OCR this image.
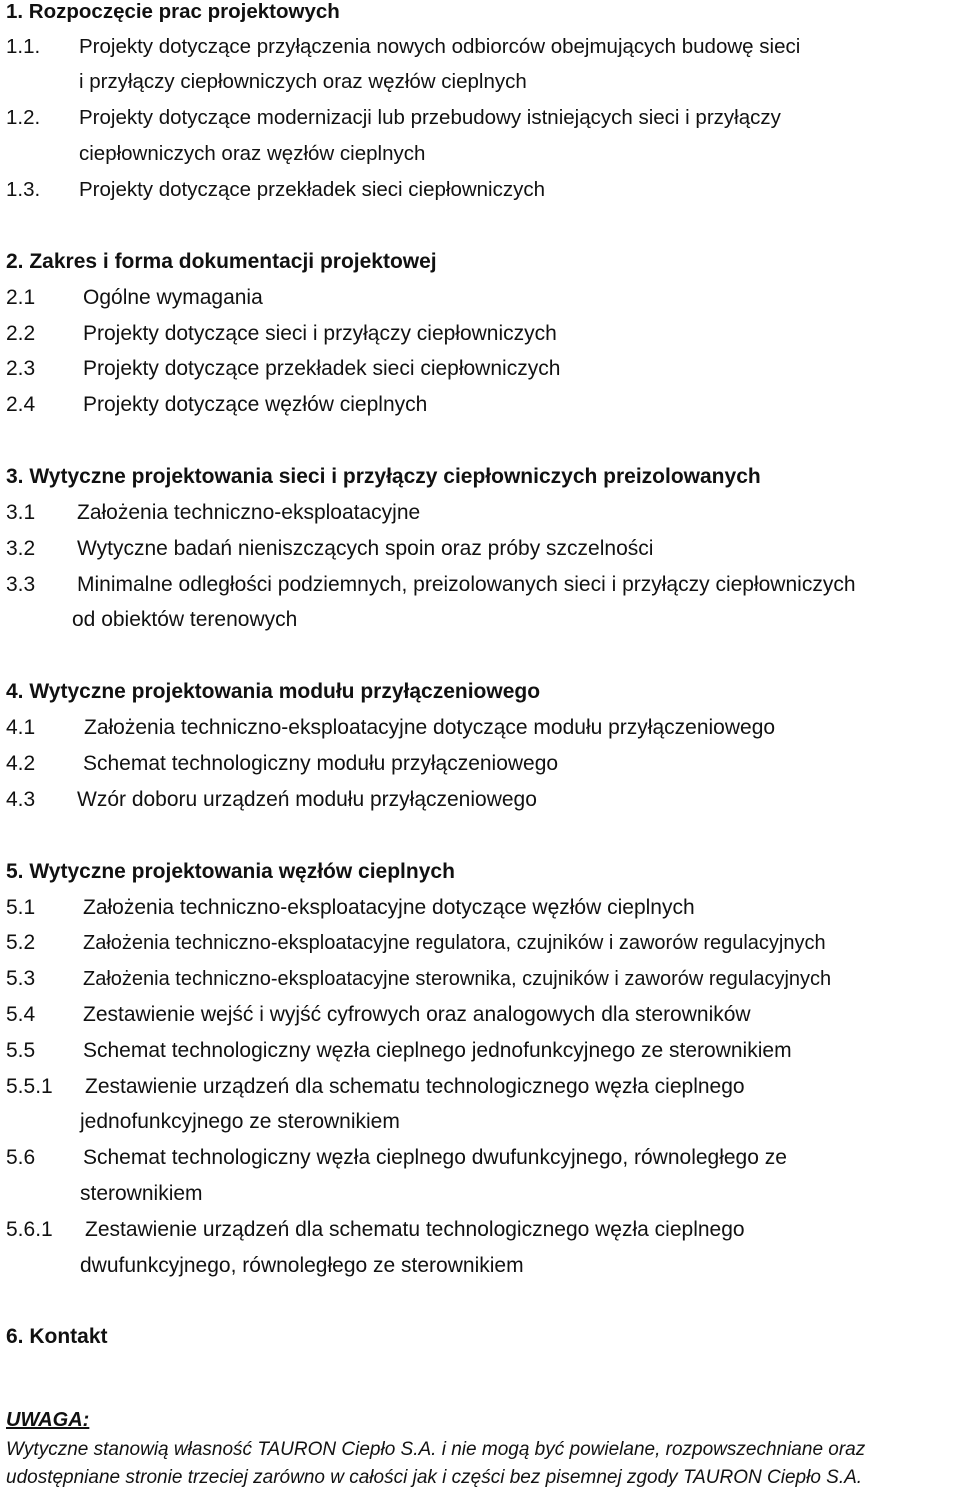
1. Rozpoczęcie prac projektowych
1.1. Projekty dotyczące przyłączenia nowych odbiorców obejmujących budowę sieci
i przyłączy ciepłowniczych oraz węzłów cieplnych
1.2. Projekty dotyczące modernizacji lub przebudowy istniejących sieci i przyłączy
ciepłowniczych oraz węzłów cieplnych
1.3. Projekty dotyczące przekładek sieci ciepłowniczych
2. Zakres i forma dokumentacji projektowej
2.1 Ogólne wymagania
2.2 Projekty dotyczące sieci i przyłączy ciepłowniczych
2.3 Projekty dotyczące przekładek sieci ciepłowniczych
2.4 Projekty dotyczące węzłów cieplnych
3. Wytyczne projektowania sieci i przyłączy ciepłowniczych preizolowanych
3.1 Założenia techniczno-eksploatacyjne
3.2 Wytyczne badań nieniszczących spoin oraz próby szczelności
3.3 Minimalne odległości podziemnych, preizolowanych sieci i przyłączy ciepłowniczych
od obiektów terenowych
4. Wytyczne projektowania modułu przyłączeniowego
4.1 Założenia techniczno-eksploatacyjne dotyczące modułu przyłączeniowego
4.2 Schemat technologiczny modułu przyłączeniowego
4.3 Wzór doboru urządzeń modułu przyłączeniowego
5. Wytyczne projektowania węzłów cieplnych
5.1 Założenia techniczno-eksploatacyjne dotyczące węzłów cieplnych
5.2 Założenia techniczno-eksploatacyjne regulatora, czujników i zaworów regulacyjnych
5.3 Założenia techniczno-eksploatacyjne sterownika, czujników i zaworów regulacyjnych
5.4 Zestawienie wejść i wyjść cyfrowych oraz analogowych dla sterowników
5.5 Schemat technologiczny węzła cieplnego jednofunkcyjnego ze sterownikiem
5.5.1 Zestawienie urządzeń dla schematu technologicznego węzła cieplnego
jednofunkcyjnego ze sterownikiem
5.6 Schemat technologiczny węzła cieplnego dwufunkcyjnego, równoległego ze
sterownikiem
5.6.1 Zestawienie urządzeń dla schematu technologicznego węzła cieplnego
dwufunkcyjnego, równoległego ze sterownikiem
6. Kontakt
UWAGA:
Wytyczne stanowią własność TAURON Ciepło S.A. i nie mogą być powielane, rozpowszechniane oraz
udostępniane stronie trzeciej zarówno w całości jak i części bez pisemnej zgody TAURON Ciepło S.A.
